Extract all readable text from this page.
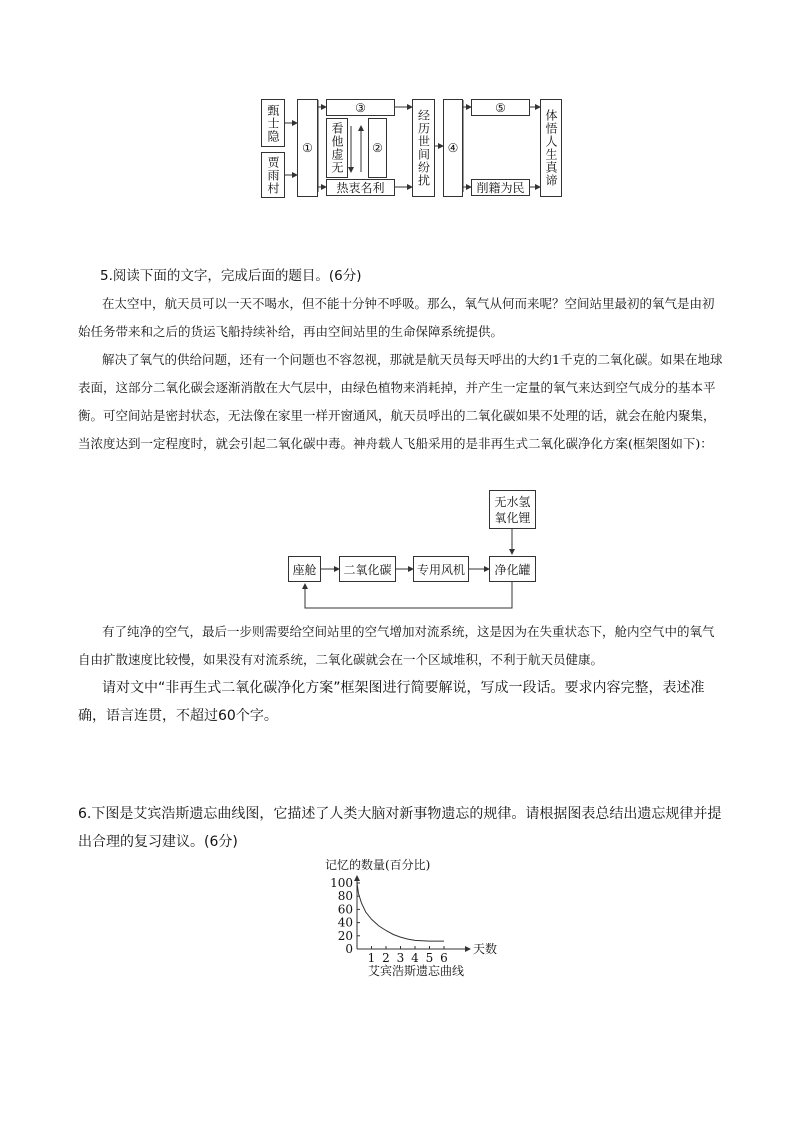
甄士隐
贾雨村
①
③
看他虚无	②
热衷名利
经历世间纷扰	④
⑤
削籍为民
体悟人生真谛
5.阅读下面的文字，完成后面的题目。(6分)
在太空中，航天员可以一天不喝水，但不能十分钟不呼吸。那么，氧气从何而来呢？空间站里最初的氧气是由初始任务带来和之后的货运飞船持续补给，再由空间站里的生命保障系统提供。
解决了氧气的供给问题，还有一个问题也不容忽视，那就是航天员每天呼出的大约1千克的二氧化碳。如果在地球表面，这部分二氧化碳会逐渐消散在大气层中，由绿色植物来消耗掉，并产生一定量的氧气来达到空气成分的基本平衡。可空间站是密封状态，无法像在家里一样开窗通风，航天员呼出的二氧化碳如果不处理的话，就会在舱内聚集，当浓度达到一定程度时，就会引起二氧化碳中毒。神舟载人飞船采用的是非再生式二氧化碳净化方案(框架图如下)：
无水氢氧化锂
座舱	二氧化碳	专用风机	净化罐
有了纯净的空气，最后一步则需要给空间站里的空气增加对流系统，这是因为在失重状态下，舱内空气中的氧气自由扩散速度比较慢，如果没有对流系统，二氧化碳就会在一个区域堆积，不利于航天员健康。
请对文中“非再生式二氧化碳净化方案”框架图进行简要解说，写成一段话。要求内容完整，表述准确，语言连贯，不超过60个字。
6.下图是艾宾浩斯遗忘曲线图，它描述了人类大脑对新事物遗忘的规律。请根据图表总结出遗忘规律并提出合理的复习建议。(6分)
记忆的数量(百分比)
0
20
40
60
80
100
1 2 3 4 5 6
天数
艾宾浩斯遗忘曲线
